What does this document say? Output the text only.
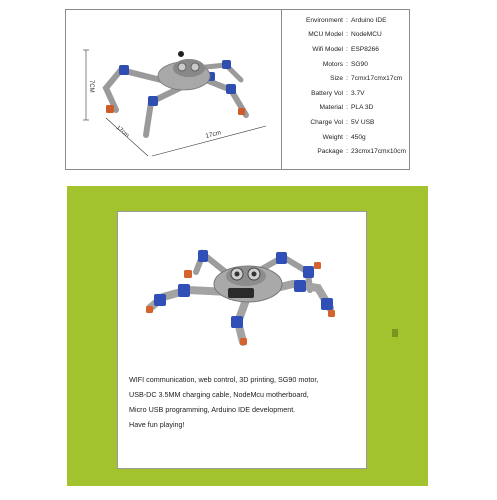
7CM
17cm	17cm
Environment : Arduino IDE
MCU Model : NodeMCU
Wifi Model : ESP8266
Motors : SG90
Size : 7cmx17cmx17cm
Battery Vol : 3.7V
Material : PLA 3D
Charge Vol : 5V USB
Weight : 450g
Package : 23cmx17cmx10cm

WIFI communication, web control, 3D printing, SG90 motor,

USB-DC 3.5MM charging cable, NodeMcu motherboard,

Micro USB programming, Arduino IDE development.

Have fun playing!
